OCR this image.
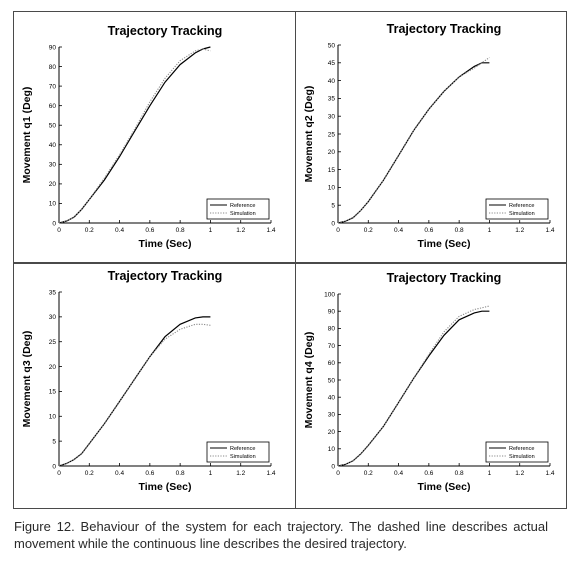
Trajectory Tracking
0	0.2	0.4	0.6	0.8	1	1.2	1.4
0
10
20
30
40
50
60
70
80
90
Time (Sec)
Movement q1 (Deg)
Reference
Simulation
Trajectory Tracking
0	0.2	0.4	0.6	0.8	1	1.2	1.4
0
5
10
15
20
25
30
35
40
45
50
Time (Sec)
Movement q2 (Deg)
Reference
Simulation
Trajectory Tracking
0	0.2	0.4	0.6	0.8	1	1.2	1.4
0
5
10
15
20
25
30
35
Time (Sec)
Movement q3 (Deg)
Reference
Simulation
Trajectory Tracking
0	0.2	0.4	0.6	0.8	1	1.2	1.4
0
10
20
30
40
50
60
70
80
90
100
Time (Sec)
Movement q4 (Deg)
Reference
Simulation
Figure 12. Behaviour of the system for each trajectory. The dashed line describes actual movement while the continuous line describes the desired trajectory.
